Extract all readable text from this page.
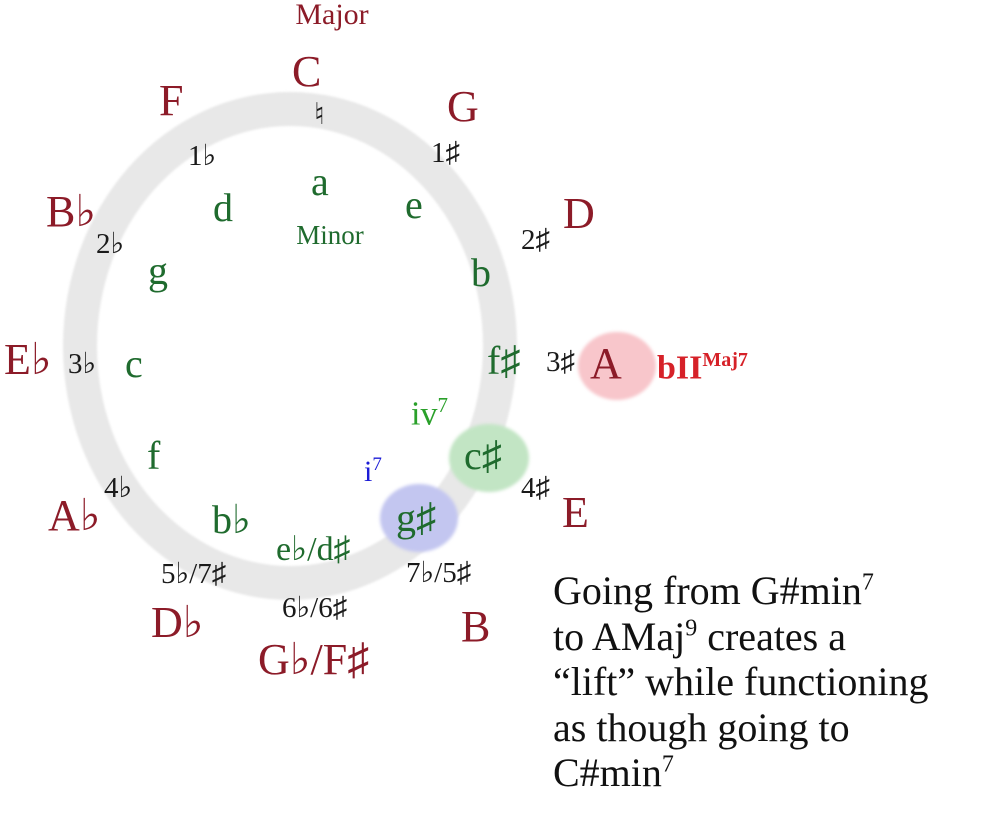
Major
Minor
C
G
D
A
E
B
G♭/F♯
D♭
A♭
E♭
B♭
F
a
e
b
f♯
c♯
g♯
e♭/d♯
b♭
f
c
g
d
♮
1♯
2♯
3♯
4♯
7♭/5♯
6♭/6♯
5♭/7♯
4♭
3♭
2♭
1♭
bII$^{Maj7}$
$iv^7$
$i^7$
Going from $G\#\min^7$
to AMaj$^9$ creates a
“lift” while functioning
as though going to
$C\#\min^7$
